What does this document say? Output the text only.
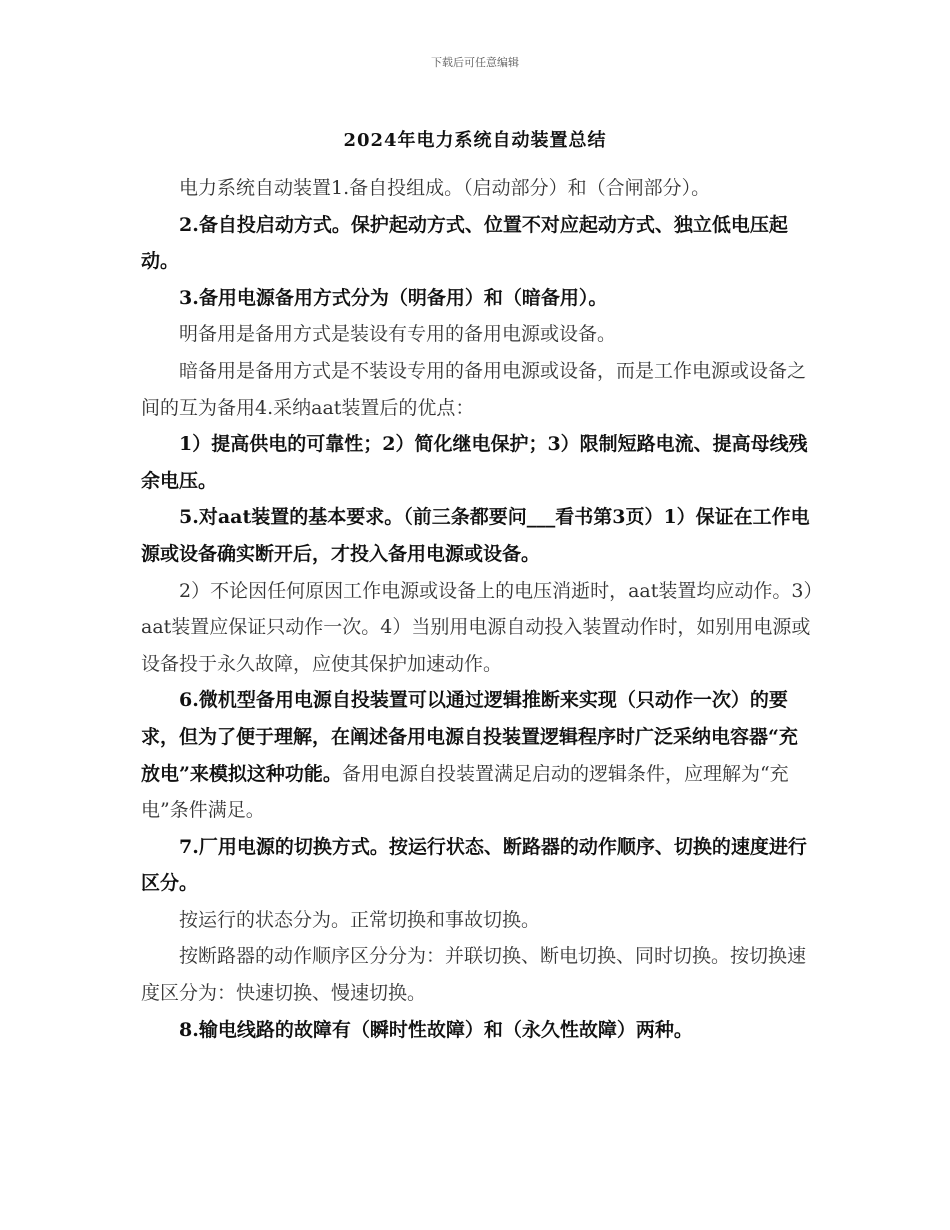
下载后可任意编辑
2024年电力系统自动装置总结

电力系统自动装置1.备自投组成。（启动部分）和（合闸部分）。

2.备自投启动方式。保护起动方式、位置不对应起动方式、独立低电压起动。

3.备用电源备用方式分为（明备用）和（暗备用）。

明备用是备用方式是装设有专用的备用电源或设备。

暗备用是备用方式是不装设专用的备用电源或设备，而是工作电源或设备之间的互为备用4.采纳aat装置后的优点：

1）提高供电的可靠性；2）简化继电保护；3）限制短路电流、提高母线残余电压。

5.对aat装置的基本要求。（前三条都要问___看书第3页）1）保证在工作电源或设备确实断开后，才投入备用电源或设备。

2）不论因任何原因工作电源或设备上的电压消逝时，aat装置均应动作。3）aat装置应保证只动作一次。4）当别用电源自动投入装置动作时，如别用电源或设备投于永久故障，应使其保护加速动作。

6.微机型备用电源自投装置可以通过逻辑推断来实现（只动作一次）的要求，但为了便于理解，在阐述备用电源自投装置逻辑程序时广泛采纳电容器“充放电”来模拟这种功能。备用电源自投装置满足启动的逻辑条件，应理解为“充电”条件满足。

7.厂用电源的切换方式。按运行状态、断路器的动作顺序、切换的速度进行区分。

按运行的状态分为。正常切换和事故切换。

按断路器的动作顺序区分分为：并联切换、断电切换、同时切换。按切换速度区分为：快速切换、慢速切换。

8.输电线路的故障有（瞬时性故障）和（永久性故障）两种。
